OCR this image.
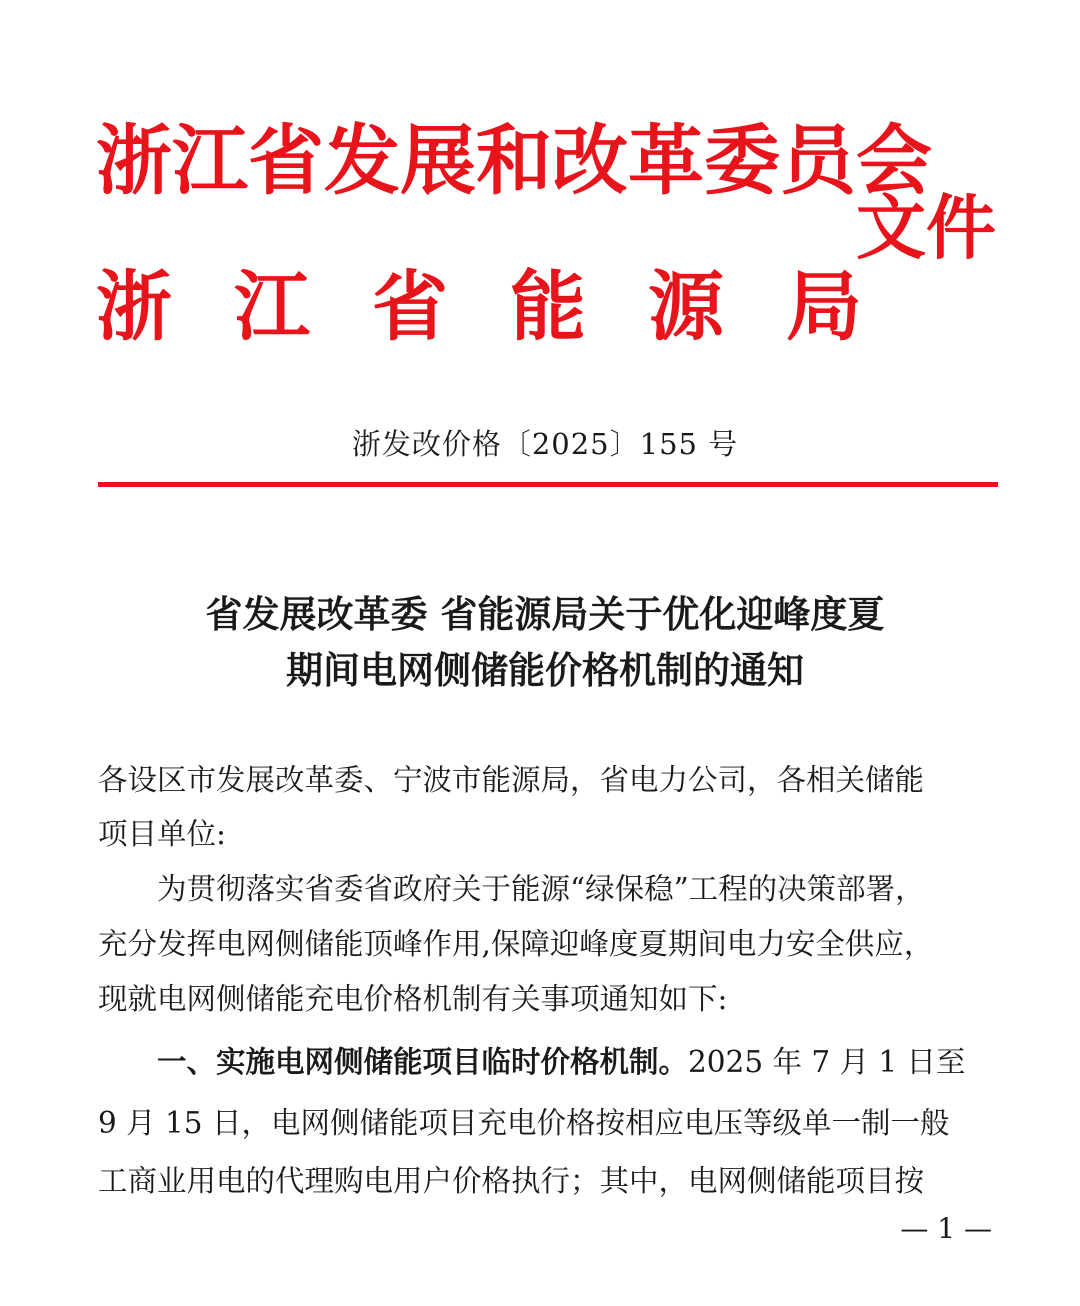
浙江省发展和改革委员会
浙江省能源局
文件
浙发改价格〔2025〕155 号
省发展改革委 省能源局关于优化迎峰度夏
期间电网侧储能价格机制的通知
各设区市发展改革委、宁波市能源局，省电力公司，各相关储能
项目单位:
　　为贯彻落实省委省政府关于能源“绿保稳”工程的决策部署，
充分发挥电网侧储能顶峰作用,保障迎峰度夏期间电力安全供应，
现就电网侧储能充电价格机制有关事项通知如下:
　　一、实施电网侧储能项目临时价格机制。2025 年 7 月 1 日至
9 月 15 日，电网侧储能项目充电价格按相应电压等级单一制一般
工商业用电的代理购电用户价格执行；其中，电网侧储能项目按
— 1 —
